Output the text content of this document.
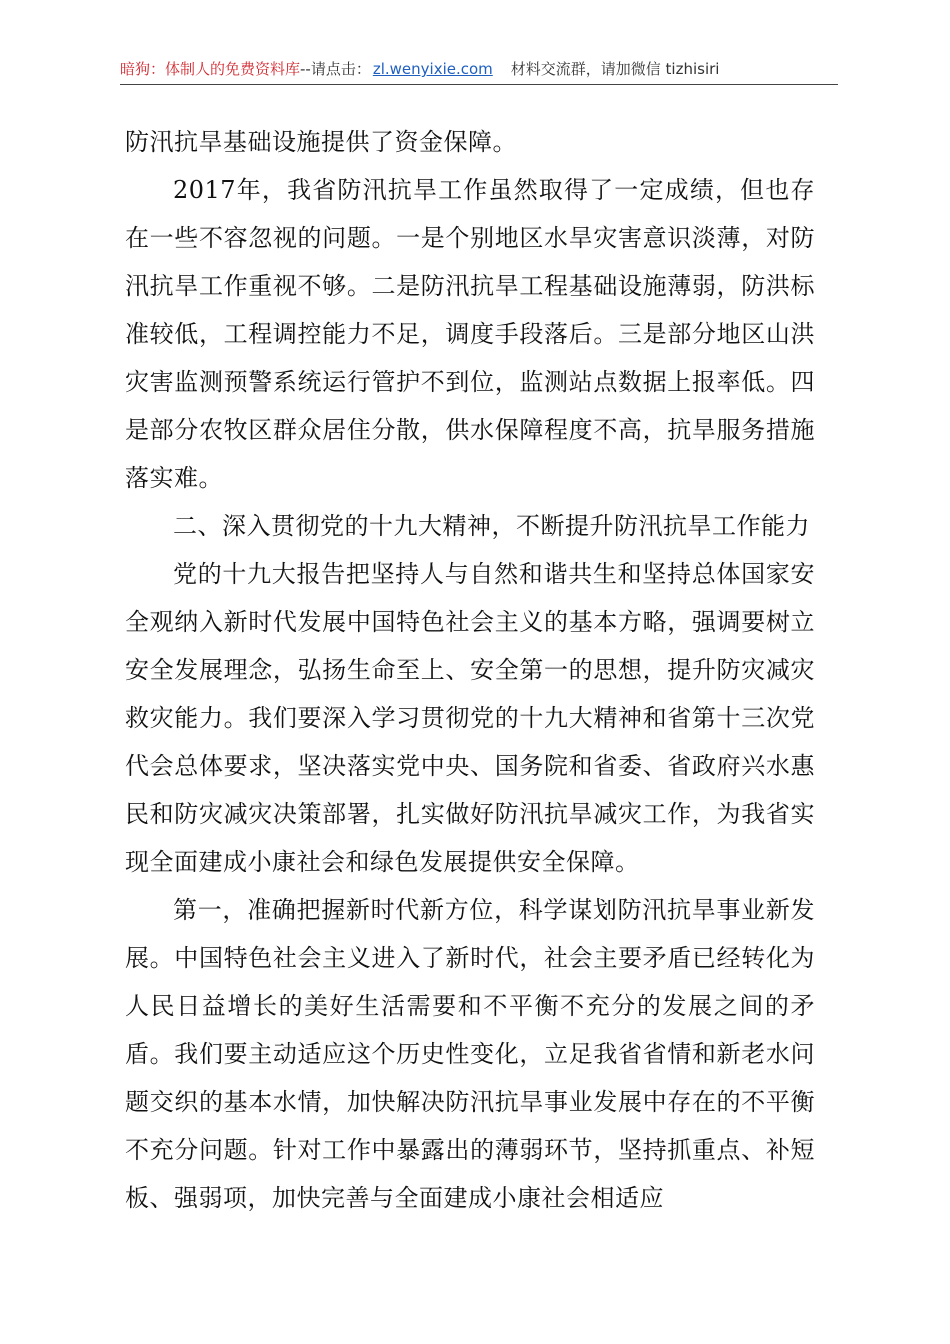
暗狗：体制人的免费资料库--请点击： zl.wenyixie.com 材料交流群，请加微信 tizhisiri

防汛抗旱基础设施提供了资金保障。

2017年，我省防汛抗旱工作虽然取得了一定成绩，但也存在一些不容忽视的问题。一是个别地区水旱灾害意识淡薄，对防汛抗旱工作重视不够。二是防汛抗旱工程基础设施薄弱，防洪标准较低，工程调控能力不足，调度手段落后。三是部分地区山洪灾害监测预警系统运行管护不到位，监测站点数据上报率低。四是部分农牧区群众居住分散，供水保障程度不高，抗旱服务措施落实难。

二、深入贯彻党的十九大精神，不断提升防汛抗旱工作能力

党的十九大报告把坚持人与自然和谐共生和坚持总体国家安全观纳入新时代发展中国特色社会主义的基本方略，强调要树立安全发展理念，弘扬生命至上、安全第一的思想，提升防灾减灾救灾能力。我们要深入学习贯彻党的十九大精神和省第十三次党代会总体要求，坚决落实党中央、国务院和省委、省政府兴水惠民和防灾减灾决策部署，扎实做好防汛抗旱减灾工作，为我省实现全面建成小康社会和绿色发展提供安全保障。

第一，准确把握新时代新方位，科学谋划防汛抗旱事业新发展。中国特色社会主义进入了新时代，社会主要矛盾已经转化为人民日益增长的美好生活需要和不平衡不充分的发展之间的矛盾。我们要主动适应这个历史性变化，立足我省省情和新老水问题交织的基本水情，加快解决防汛抗旱事业发展中存在的不平衡不充分问题。针对工作中暴露出的薄弱环节，坚持抓重点、补短板、强弱项，加快完善与全面建成小康社会相适应
